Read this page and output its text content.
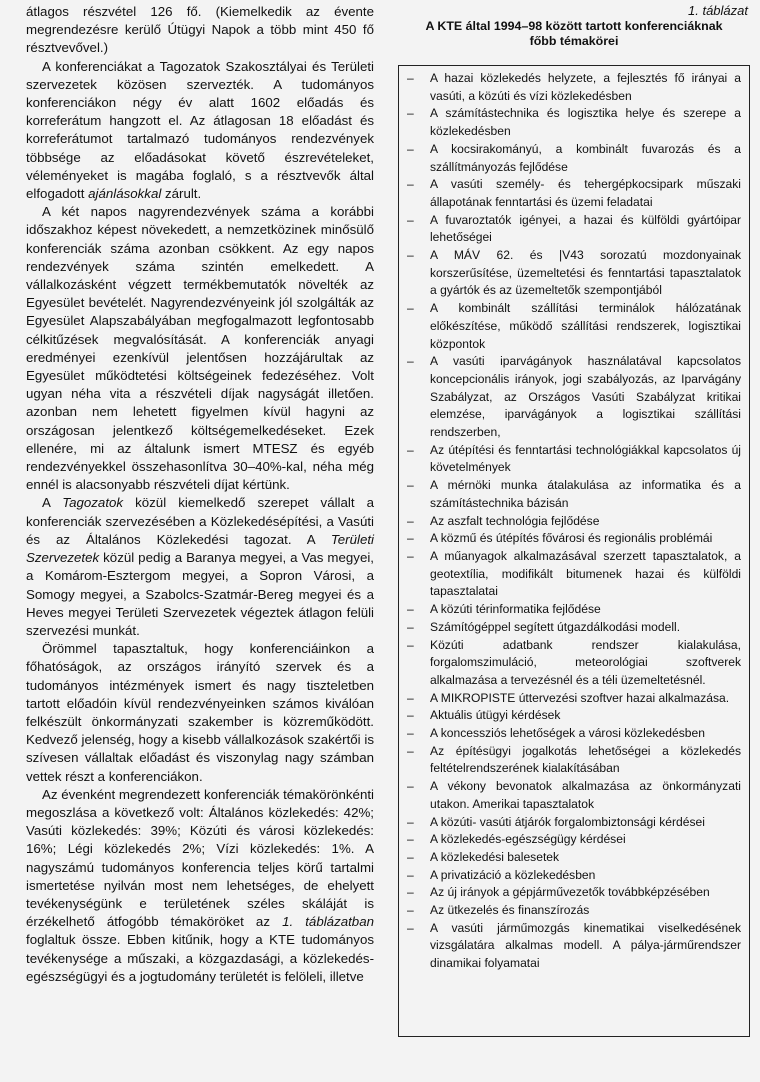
átlagos részvétel 126 fő. (Kiemelkedik az évente megrendezésre kerülő Útügyi Napok a több mint 450 fő résztvevővel.)

A konferenciákat a Tagozatok Szakosztályai és Területi szervezetek közösen szervezték. A tudományos konferenciákon négy év alatt 1602 előadás és korreferátum hangzott el. Az átlagosan 18 előadást és korreferátumot tartalmazó tudományos rendezvények többsége az előadásokat követő észrevételeket, véleményeket is magába foglaló, s a résztvevők által elfogadott ajánlásokkal zárult.

A két napos nagyrendezvények száma a korábbi időszakhoz képest növekedett, a nemzetközinek minősülő konferenciák száma azonban csökkent. Az egy napos rendezvények száma szintén emelkedett. A vállalkozásként végzett termékbemutatók növelték az Egyesület bevételét. Nagyrendezvényeink jól szolgálták az Egyesület Alapszabályában megfogalmazott legfontosabb célkitűzések megvalósítását. A konferenciák anyagi eredményei ezenkívül jelentősen hozzájárultak az Egyesület működtetési költségeinek fedezéséhez. Volt ugyan néha vita a részvételi díjak nagyságát illetően. azonban nem lehetett figyelmen kívül hagyni az országosan jelentkező költségemelkedéseket. Ezek ellenére, mi az általunk ismert MTESZ és egyéb rendezvényekkel összehasonlítva 30–40%-kal, néha még ennél is alacsonyabb részvételi díjat kértünk.

A Tagozatok közül kiemelkedő szerepet vállalt a konferenciák szervezésében a Közlekedésépítési, a Vasúti és az Általános Közlekedési tagozat. A Területi Szervezetek közül pedig a Baranya megyei, a Vas megyei, a Komárom-Esztergom megyei, a Sopron Városi, a Somogy megyei, a Szabolcs-Szatmár-Bereg megyei és a Heves megyei Területi Szervezetek végeztek átlagon felüli szervezési munkát.

Örömmel tapasztaltuk, hogy konferenciáinkon a főhatóságok, az országos irányító szervek és a tudományos intézmények ismert és nagy tiszteletben tartott előadóin kívül rendezvényeinken számos kiválóan felkészült önkormányzati szakember is közreműködött. Kedvező jelenség, hogy a kisebb vállalkozások szakértői is szívesen vállaltak előadást és viszonylag nagy számban vettek részt a konferenciákon.

Az évenként megrendezett konferenciák témakörönkénti megoszlása a következő volt: Általános közlekedés: 42%; Vasúti közlekedés: 39%; Közúti és városi közlekedés: 16%; Légi közlekedés 2%; Vízi közlekedés: 1%. A nagyszámú tudományos konferencia teljes körű tartalmi ismertetése nyilván most nem lehetséges, de ehelyett tevékenységünk e területének széles skáláját is érzékelhető átfogóbb témaköröket az 1. táblázatban foglaltuk össze. Ebben kitűnik, hogy a KTE tudományos tevékenysége a műszaki, a közgazdasági, a közlekedés-egészségügyi és a jogtudomány területét is felöleli, illetve

1. táblázat
A KTE által 1994–98 között tartott konferenciáknak
főbb témakörei
– A hazai közlekedés helyzete, a fejlesztés fő irányai a vasúti, a közúti és vízi közlekedésben
– A számítástechnika és logisztika helye és szerepe a közlekedésben
– A kocsirakományú, a kombinált fuvarozás és a szállítmányozás fejlődése
– A vasúti személy- és tehergépkocsipark műszaki állapotának fenntartási és üzemi feladatai
– A fuvaroztatók igényei, a hazai és külföldi gyártóipar lehetőségei
– A MÁV 62. és |V43 sorozatú mozdonyainak korszerűsítése, üzemeltetési és fenntartási tapasztalatok a gyártók és az üzemeltetők szempontjából
– A kombinált szállítási terminálok hálózatának előkészítése, működő szállítási rendszerek, logisztikai központok
– A vasúti iparvágányok használatával kapcsolatos koncepcionális irányok, jogi szabályozás, az Iparvágány Szabályzat, az Országos Vasúti Szabályzat kritikai elemzése, iparvágányok a logisztikai szállítási rendszerben,
– Az útépítési és fenntartási technológiákkal kapcsolatos új követelmények
– A mérnöki munka átalakulása az informatika és a számítástechnika bázisán
– Az aszfalt technológia fejlődése
– A közmű és útépítés fővárosi és regionális problémái
– A műanyagok alkalmazásával szerzett tapasztalatok, a geotextília, modifikált bitumenek hazai és külföldi tapasztalatai
– A közúti térinformatika fejlődése
– Számítógéppel segített útgazdálkodási modell.
– Közúti adatbank rendszer kialakulása, forgalomszimuláció, meteorológiai szoftverek alkalmazása a tervezésnél és a téli üzemeltetésnél.
– A MIKROPISTE úttervezési szoftver hazai alkalmazása.
– Aktuális útügyi kérdések
– A koncessziós lehetőségek a városi közlekedésben
– Az építésügyi jogalkotás lehetőségei a közlekedés feltételrendszerének kialakításában
– A vékony bevonatok alkalmazása az önkormányzati utakon. Amerikai tapasztalatok
– A közúti- vasúti átjárók forgalombiztonsági kérdései
– A közlekedés-egészségügy kérdései
– A közlekedési balesetek
– A privatizáció a közlekedésben
– Az új irányok a gépjárművezetők továbbképzésében
– Az ütkezelés és finanszírozás
– A vasúti járműmozgás kinematikai viselkedésének vizsgálatára alkalmas modell. A pálya-járműrendszer dinamikai folyamatai
